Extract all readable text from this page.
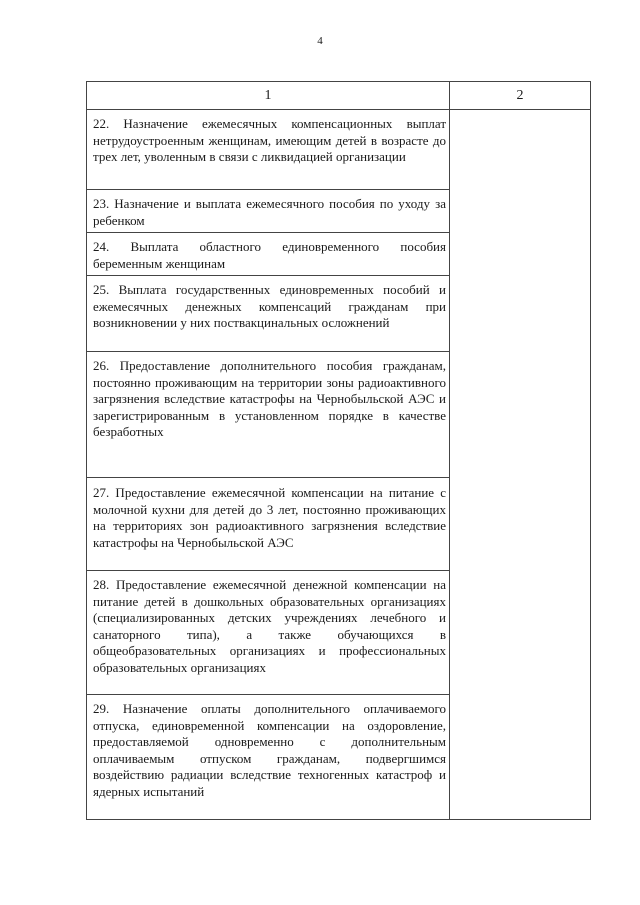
4
1	2
22. Назначение ежемесячных компенсационных выплат нетрудоустроенным женщинам, имеющим детей в возрасте до трех лет, уволенным в связи с ликвидацией организации	
23. Назначение и выплата ежемесячного пособия по уходу за ребенком	
24. Выплата областного единовременного пособия беременным женщинам	
25. Выплата государственных единовременных пособий и ежемесячных денежных компенсаций гражданам при возникновении у них поствакцинальных осложнений	

26. Предоставление дополнительного пособия гражданам, постоянно проживающим на территории зоны радиоактивного загрязнения вследствие катастрофы на Чернобыльской АЭС и зарегистрированным в установленном порядке в качестве безработных	

27. Предоставление ежемесячной компенсации на питание с молочной кухни для детей до 3 лет, постоянно проживающих на территориях зон радиоактивного загрязнения вследствие катастрофы на Чернобыльской АЭС	

28. Предоставление ежемесячной денежной компенсации на питание детей в дошкольных образовательных организациях (специализированных детских учреждениях лечебного и санаторного типа), а также обучающихся в общеобразовательных организациях и профессиональных образовательных организациях	
29. Назначение оплаты дополнительного оплачиваемого отпуска, единовременной компенсации на оздоровление, предоставляемой одновременно с дополнительным оплачиваемым отпуском гражданам, подвергшимся воздействию радиации вследствие техногенных катастроф и ядерных испытаний	
